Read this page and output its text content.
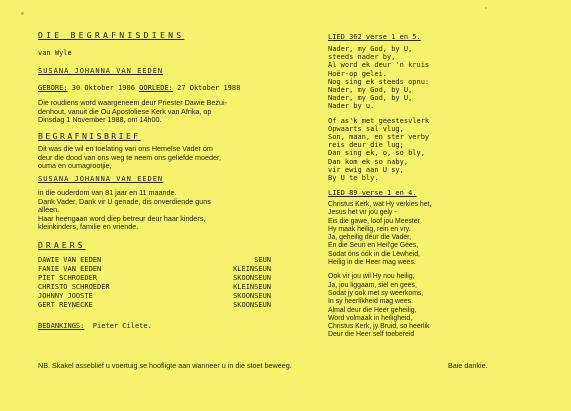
DIE BEGRAFNISDIENS
van Wyle
SUSANA JOHANNA VAN EEDEN
GEBORE: 30 Oktober 1906 OORLEDE: 27 Oktober 1988
Die roudiens word waargeneem deur Priester Dawie Bezui-
denhout, vanuit die Ou Apostoliese Kerk van Afrika, op
Dinsdag 1 November 1988, om 14h00.
BEGRAFNISBRIEF
Dit was die wil en toelating van ons Hemelse Vader om
deur die dood van ons weg te neem ons geliefde moeder,
ouma en oumagrootjie,
SUSANA JOHANNA VAN EEDEN
in die ouderdom van 81 jaar en 11 maande.
Dank Vader, Dank vir U genade, dis onverdiende guns
alleen.
Haar heengaan word diep betreur deur haar kinders,
kleinkinders, familie en vriende.
DRAERS

DAWIE VAN EEDEN	SEUN

FANIE VAN EEDEN	KLEINSEUN

PIET SCHROEDER	SKOONSEUN

CHRISTO SCHROEDER	KLEINSEUN

JOHNNY JOOSTE	SKOONSEUN

GERT REYNECKE	SKOONSEUN

BEDANKINGS: Pieter Cilete.
LIED 362 verse 1 en 5.
Nader, my God, by U,
steeds nader by,
Al word ek deur 'n kruis
Hoër-op gelei.
Nog sing ek steeds opnu:
Nader, my God, by U,
Nader, my God, by U,
Nader by u.
Of as'k met geestesvlerk
Opwaarts sal vlug,
Son, maan, en ster verby
reis deur die lug;
Dan sing ek, o, so bly,
Dan kom ek so naby,
vir ewig aan U sy,
By U te bly.
LIED 89 verse 1 en 4.
Christus Kerk, wat Hy verkies het,
Jesus het vir jou gely -
Eis die gawe, loof jou Meester
Hy maak heilig, rein en vry.
Ja, geheilig deur die Vader,
En die Seun en Heil'ge Gees,
Sodat óns óók in die Lëwheid,
Heilig in die Heer mag wees.
Ook vir jou wil Hy nou heilig,
Ja, jou liggaam, siel en gees,
Sodat jy ook met sy weerkoms,
In sy heerlikheid mag wees.
Almal deur die Heer geheilig,
Word volmaak in heiligheid,
Christus Kerk, jy Bruid, so heerlik
Deur die Heer self toebereid
NB. Skakel asseblief u voertuig se hoofligte aan wanneer u in die stoet beweeg.	Baie dankie.
